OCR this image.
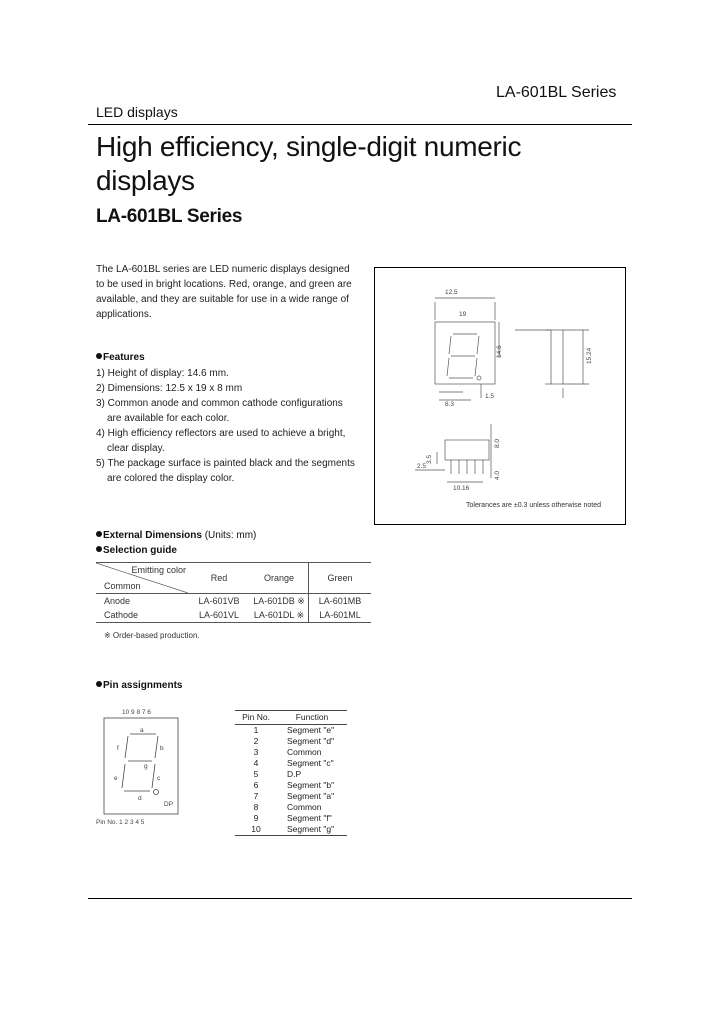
LA-601BL Series
LED displays
High efficiency, single-digit numeric displays
LA-601BL Series
The LA-601BL series are LED numeric displays designed to be used in bright locations. Red, orange, and green are available, and they are suitable for use in a wide range of applications.
Features
1) Height of display: 14.6 mm.
2) Dimensions: 12.5 x 19 x 8 mm
3) Common anode and common cathode configurations are available for each color.
4) High efficiency reflectors are used to achieve a bright, clear display.
5) The package surface is painted black and the segments are colored the display color.
12.5
19
14.6	15.24
8.3
1.5
2.5
10.16
8.0
4.0
3.5
Tolerances are ±0.3 unless otherwise noted
External Dimensions (Units: mm)
Selection guide
Emitting color
Common	Red	Orange	Green
Anode	LA-601VB	LA-601DB ※	LA-601MB
Cathode	LA-601VL	LA-601DL ※	LA-601ML
※ Order-based production.
Pin assignments
10 9 8 7 6
a
b
c
d
e
f
g
DP
Pin No. 1 2 3 4 5
Pin No.	Function
1	Segment "e"
2	Segment "d"
3	Common
4	Segment "c"
5	D.P
6	Segment "b"
7	Segment "a"
8	Common
9	Segment "f"
10	Segment "g"
